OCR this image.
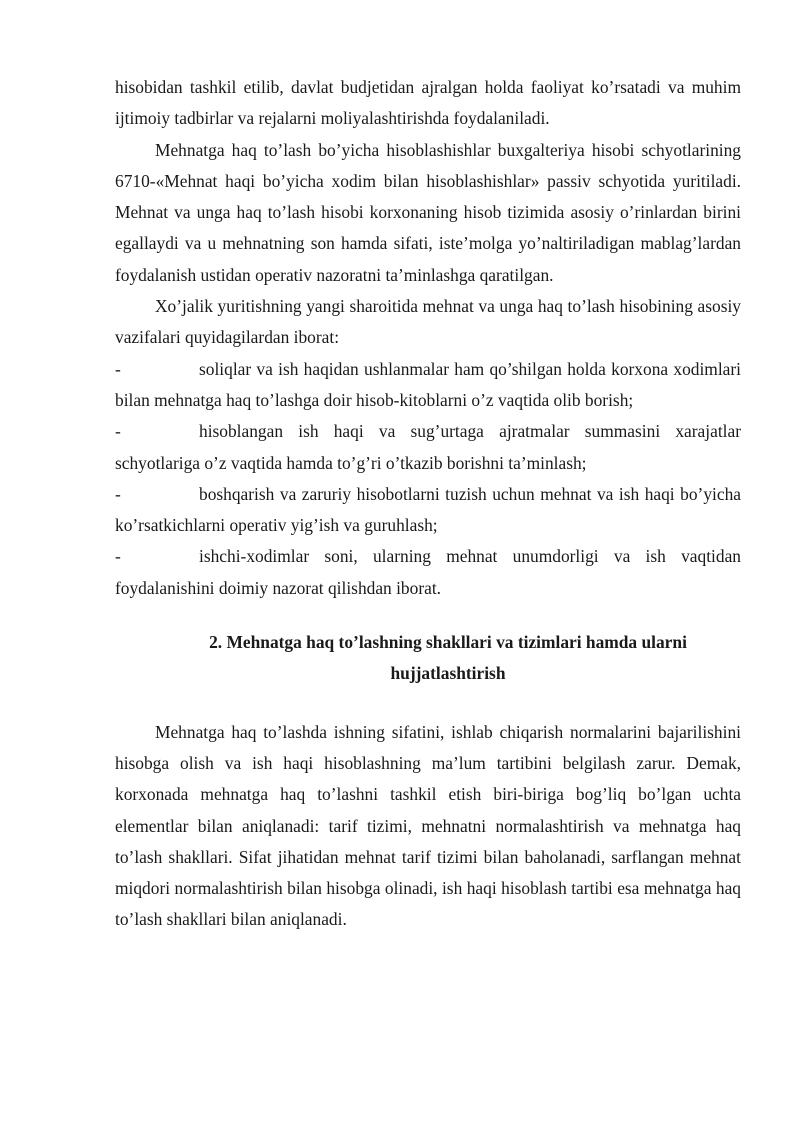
hisobidan tashkil etilib, davlat budjetidan ajralgan holda faoliyat ko’rsatadi va muhim ijtimoiy tadbirlar va rejalarni moliyalashtirishda foydalaniladi.

Mehnatga haq to’lash bo’yicha hisoblashishlar buxgalteriya hisobi schyotlarining 6710-«Mehnat haqi bo’yicha xodim bilan hisoblashishlar» passiv schyotida yuritiladi. Mehnat va unga haq to’lash hisobi korxonaning hisob tizimida asosiy o’rinlardan birini egallaydi va u mehnatning son hamda sifati, iste’molga yo’naltiriladigan mablag’lardan foydalanish ustidan operativ nazoratni ta’minlashga qaratilgan.

Xo’jalik yuritishning yangi sharoitida mehnat va unga haq to’lash hisobining asosiy vazifalari quyidagilardan iborat:

-	soliqlar va ish haqidan ushlanmalar ham qo’shilgan holda korxona xodimlari bilan mehnatga haq to’lashga doir hisob-kitoblarni o’z vaqtida olib borish;

-	hisoblangan ish haqi va sug’urtaga ajratmalar summasini xarajatlar schyotlariga o’z vaqtida hamda to’g’ri o’tkazib borishni ta’minlash;

-	boshqarish va zaruriy hisobotlarni tuzish uchun mehnat va ish haqi bo’yicha ko’rsatkichlarni operativ yig’ish va guruhlash;

-	ishchi-xodimlar soni, ularning mehnat unumdorligi va ish vaqtidan foydalanishini doimiy nazorat qilishdan iborat.

2. Mehnatga haq to’lashning shakllari va tizimlari hamda ularni
hujjatlashtirish

Mehnatga haq to’lashda ishning sifatini, ishlab chiqarish normalarini bajarilishini hisobga olish va ish haqi hisoblashning ma’lum tartibini belgilash zarur. Demak, korxonada mehnatga haq to’lashni tashkil etish biri-biriga bog’liq bo’lgan uchta elementlar bilan aniqlanadi: tarif tizimi, mehnatni normalashtirish va mehnatga haq to’lash shakllari. Sifat jihatidan mehnat tarif tizimi bilan baholanadi, sarflangan mehnat miqdori normalashtirish bilan hisobga olinadi, ish haqi hisoblash tartibi esa mehnatga haq to’lash shakllari bilan aniqlanadi.
